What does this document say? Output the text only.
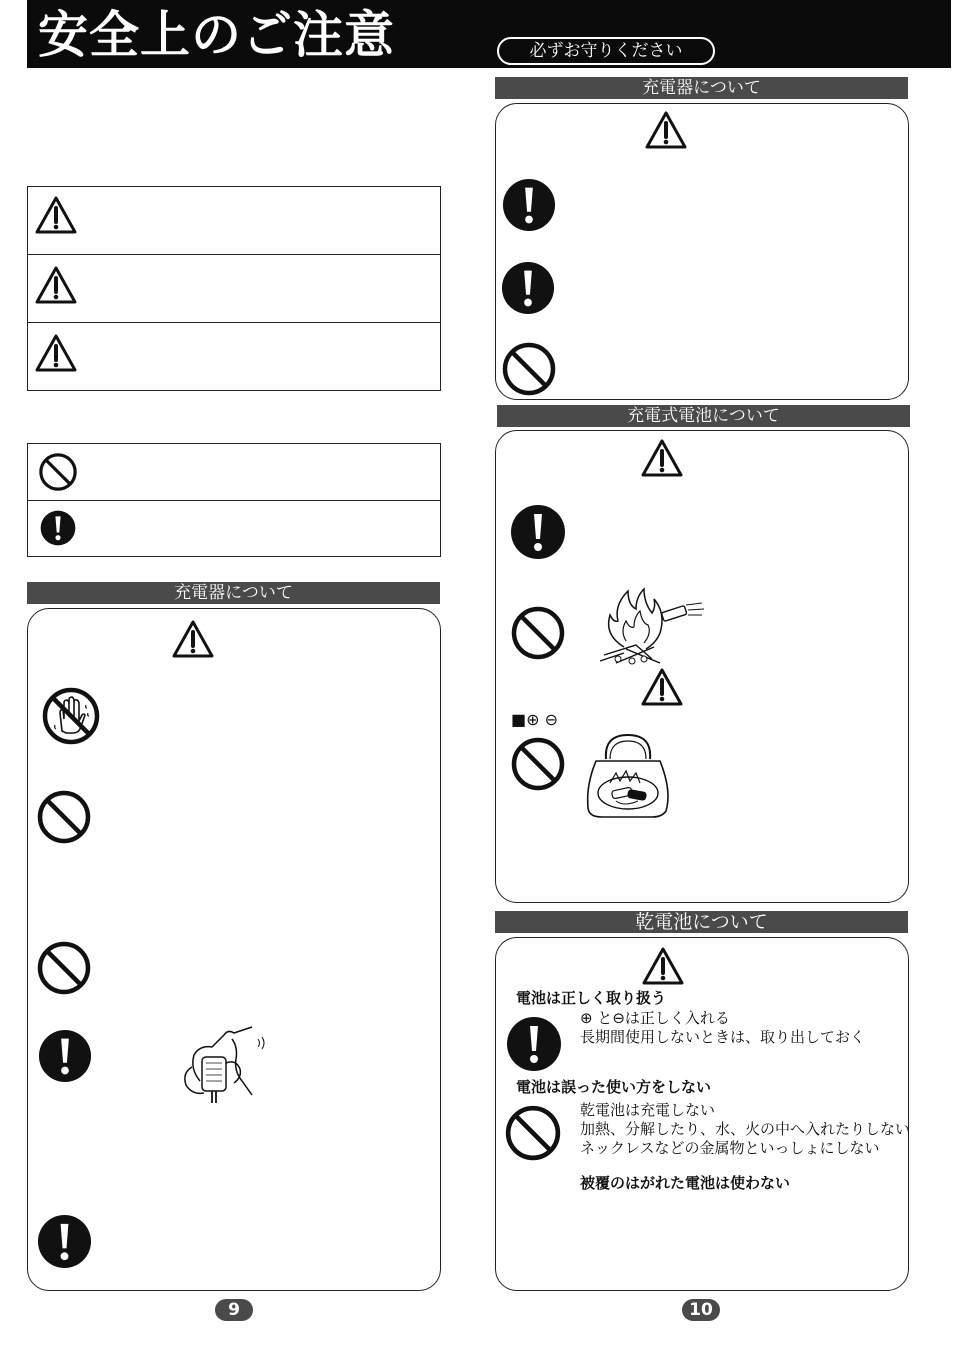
安全上のご注意	必ずお守りください
充電器について
9
充電器について
充電式電池について
■⊕ ⊖
乾電池について
電池は正しく取り扱う
⊕ と⊖は正しく入れる
長期間使用しないときは、取り出しておく
電池は誤った使い方をしない
乾電池は充電しない
加熱、分解したり、水、火の中へ入れたりしない
ネックレスなどの金属物といっしょにしない
被覆のはがれた電池は使わない
10
